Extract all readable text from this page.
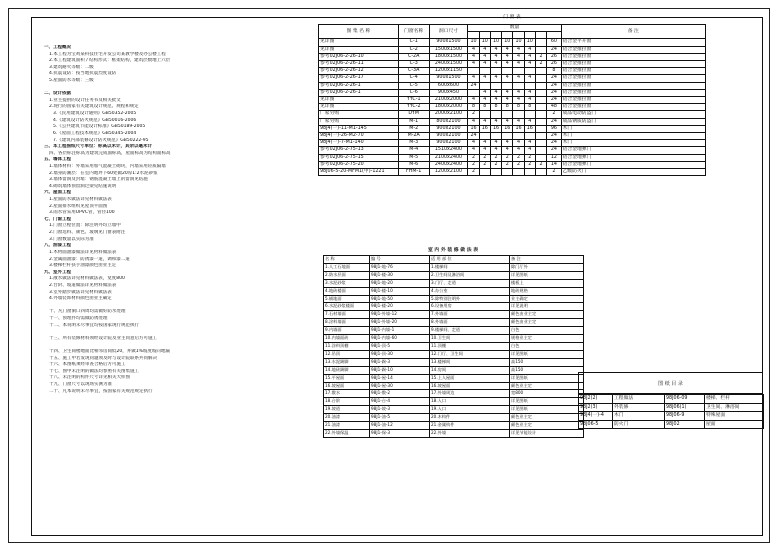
一、工程概况
1.本工程为宝鸡某科技住宅开发公司某教学楼及办公楼工程
2.本工程建筑面积 / 结构形式：框架结构，建筑层数地上六层
3.建筑耐火等级：二级
4.抗震设防：按当地抗震烈度设防
5.屋面防水等级：三级
二、设计依据
1.业主提供的设计任务书及相关批文
2.现行的国家有关建筑设计规范、规程和规定
3.《民用建筑设计通则》GB50352-2005
4.《建筑设计防火规范》GB50016-2006
5.《公共建筑节能设计标准》GB50189-2005
6.《屋面工程技术规范》GB50345-2004
7.《建筑内部装修设计防火规范》GB50222-95
三、本工程图纸尺寸单位：标高以米计，其余以毫米计
四、各层标注标高为建筑完成面标高，屋面标高为结构面标高
五、墙体工程
1.墙体材料：外墙采用加气混凝土砌块，内墙采用轻质隔墙
2.墙身防潮层：在室内地坪下60处做20厚1:2水泥砂浆
3.墙体留洞及封堵：钢筋混凝土墙上的留洞见结施
4.砌筑墙体预留洞过梁见结施说明
六、屋面工程
1.屋面防水做法详见材料做法表
2.屋面排水组织见屋顶平面图
3.雨水管采用UPVC管，管径100
七、门窗工程
1.门窗立樘位置：除注明外均立墙中
2.门窗选料、颜色、玻璃见门窗表附注
3.门窗数量以实际为准
八、油漆工程
1.木材面油漆做法详见材料做法表
2.金属面油漆：防锈漆一道，调和漆二道
3.楼梯栏杆扶手油漆颜色由业主定
九、室外工程
1.散水做法详见材料做法表，宽度800
2.台阶、坡道做法详见材料做法表
3.室外踏步做法详见材料做法表
4.外墙装饰材料颜色由业主确定
十、凡门窗洞口四周均需做好防水处理
十一、预埋件均需做防锈处理
十二、本说明未尽事宜均按国家现行规范执行
十三、所有装修材料须经设计院及业主同意后方可施工
十四、卫生间楼地面比相邻房间低20，并做1%坡度坡向地漏
十五、施工中若发现问题须及时与设计院联系共同解决
十六、本图纸须经审查合格后方可施工
十七、图中未注明的做法均参照有关图集施工
十八、未注明的构件尺寸详见相关大样图
十九、门窗尺寸以现场实测为准
二十、凡本说明未尽事宜，按国家有关规范规定执行
门 窗 表
图 集 名 称	门窗名称	洞口尺寸	数量								备 注

见详图	C-1	900x1500	10	10	10	10	10	10		60	铝合金平开窗
见详图	C-2	1500x1500	4	4	4	4	4	4		24	铝合金推拉窗
参考02J06-2-26-10	C-2A	1800x1500	4	4	4	4	4	4	2	26	铝合金推拉窗
参考02J06-2-26-11	C-3	2400x1500	4	4	4	4	4	4	2	26	铝合金推拉窗
参考02J06-2-26-12	C-3A	1200x1150								8	铝合金推拉窗
参考02J06-2-26-17	C-4	900x1500	4	4	4	4	4	4		24	铝合金推拉窗
参考02J06-2-26-1	C-5	600x600	24							24	铝合金推拉窗
参考02J06-2-26-1	C-6	900x450		4	4	4	4	4		24	铝合金推拉窗
见详图	YYC-1	2100x2000	4	4	4	4	4	4		24	铝合金推拉窗
见详图	YYC-2	1800x2000	8	8	8	8	8	8		48	铝合金推拉窗
厂家另购	DYM	2000x2100	2							2	成品电动防盗门
厂家另购	M-1	800x2100	4	4	4	4	4	4		24	成品钢质防盗门
98J4(一)-11-M1-145	M-2	900x2100	16	16	16	16	16	16		96	木门
98J4(一)-26-M2-70	M-2A	900x2100	24							24	木门
98J4(一)-7-M1-140	M-3	900x2100	4	4	4	4	4	4		24	木门
参考02J06-2-75-13	M-4	1510x2400	4	4	4	4	4	4		24	铝合金地弹门
参考02J06-2-75-15	M-5	2100x2400	2	2	2	2	2	2		12	铝合金地弹门
参考02J06-2-75-20	M-6	2400x2400	2	2	2	2	2	2	2	14	铝合金地弹门
98J06-5-20-MFM1(甲)-1221	FHM-1	1200x2100	2							2	乙级防火门
室 内 外 装 修 做 法 表
名 称	编 号	适 用 部 位	备 注
1.人工石地面	98J1-地-76	1.楼梯间	除门厅外
2.防水层面	98J1-楼-30	2.卫生间及淋浴间	详见图纸
3.水泥砂浆	98J1-地-20	3.门厅、走道	楼板上
4.地砖楼面	98J1-楼-10	4.办公室	地砖规格
5.铺地面	98J1-地-50	5.除特别注明外	业主确定
6.水泥砂浆楼面	98J1-楼-20	6.设备用房	详见说明
7.石材墙面	98J1-外墙-12	7.外墙面	颜色由业主定
8.涂料墙面	98J1-外墙-20	8.外墙面	颜色由业主定
9.内墙面	98J1-内墙-1	9.楼梯间、走道	白色
10.内墙面砖	98J1-内墙-60	10.卫生间	规格业主定
11.涂料顶棚	98J1-顶-5	11.顶棚	白色
12.吊顶	98J1-顶-30	12.门厅、卫生间	详见图纸
13.水泥踢脚	98J1-踢-3	13.楼梯间	高150
14.地砖踢脚	98J1-踢-10	14.房间	高150
15.平屋面	98J1-屋-14	15.上人屋面	详见图纸
16.坡屋面	98J1-屋-30	16.坡屋面	颜色业主定
17.散水	98J1-散-2	17.外墙周边	宽800
18.台阶	98J1-台-4	18.入口	详见图纸
19.坡道	98J1-坡-3	19.入口	详见图纸
20.油漆	98J1-油-5	20.木构件	颜色业主定
21.油漆	98J1-油-12	21.金属构件	颜色业主定
22.外墙保温	98J1-保-3	22.外墙	详见节能设计
图 纸 目 录
98J2(2)	工程做法	98J06-09	楼梯、栏杆
98J2(3)	外装修	98J06(1)	卫生间、淋浴间
98J4(一)-4	木门	98J06-9	特殊屋面
98J06-5	防火门	98J02	屋面
